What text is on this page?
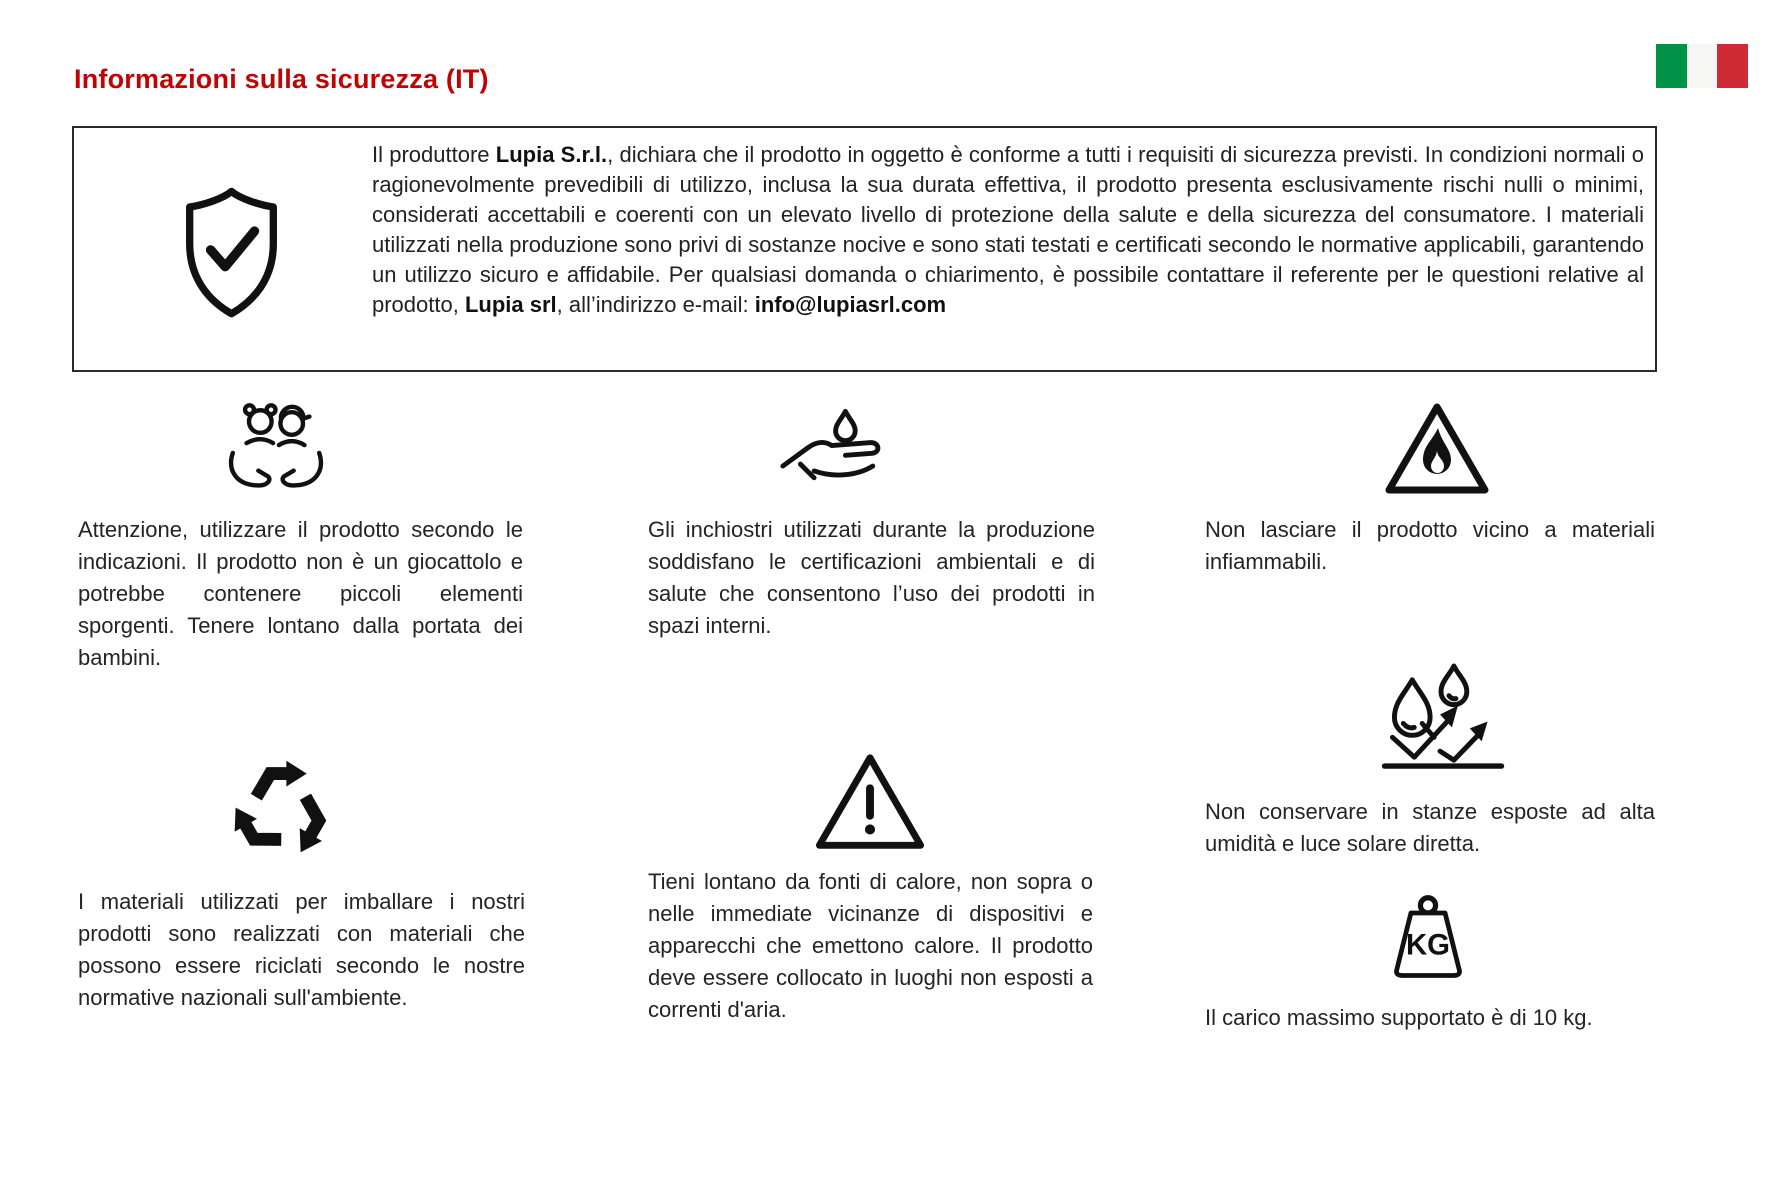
Informazioni sulla sicurezza (IT)

Il produttore Lupia S.r.l., dichiara che il prodotto in oggetto è conforme a tutti i requisiti di sicurezza previsti. In condizioni normali o ragionevolmente prevedibili di utilizzo, inclusa la sua durata effettiva, il prodotto presenta esclusivamente rischi nulli o minimi, considerati accettabili e coerenti con un elevato livello di protezione della salute e della sicurezza del consumatore. I materiali utilizzati nella produzione sono privi di sostanze nocive e sono stati testati e certificati secondo le normative applicabili, garantendo un utilizzo sicuro e affidabile. Per qualsiasi domanda o chiarimento, è possibile contattare il referente per le questioni relative al prodotto, Lupia srl, all’indirizzo e-mail: info@lupiasrl.com

Attenzione, utilizzare il prodotto secondo le indicazioni. Il prodotto non è un giocattolo e potrebbe contenere piccoli elementi sporgenti. Tenere lontano dalla portata dei bambini.

Gli inchiostri utilizzati durante la produzione soddisfano le certificazioni ambientali e di salute che consentono l’uso dei prodotti in spazi interni.

Non lasciare il prodotto vicino a materiali infiammabili.

I materiali utilizzati per imballare i nostri prodotti sono realizzati con materiali che possono essere riciclati secondo le nostre normative nazionali sull'ambiente.

Tieni lontano da fonti di calore, non sopra o nelle immediate vicinanze di dispositivi e apparecchi che emettono calore. Il prodotto deve essere collocato in luoghi non esposti a correnti d'aria.

Non conservare in stanze esposte ad alta umidità e luce solare diretta.

KG

Il carico massimo supportato è di 10 kg.
